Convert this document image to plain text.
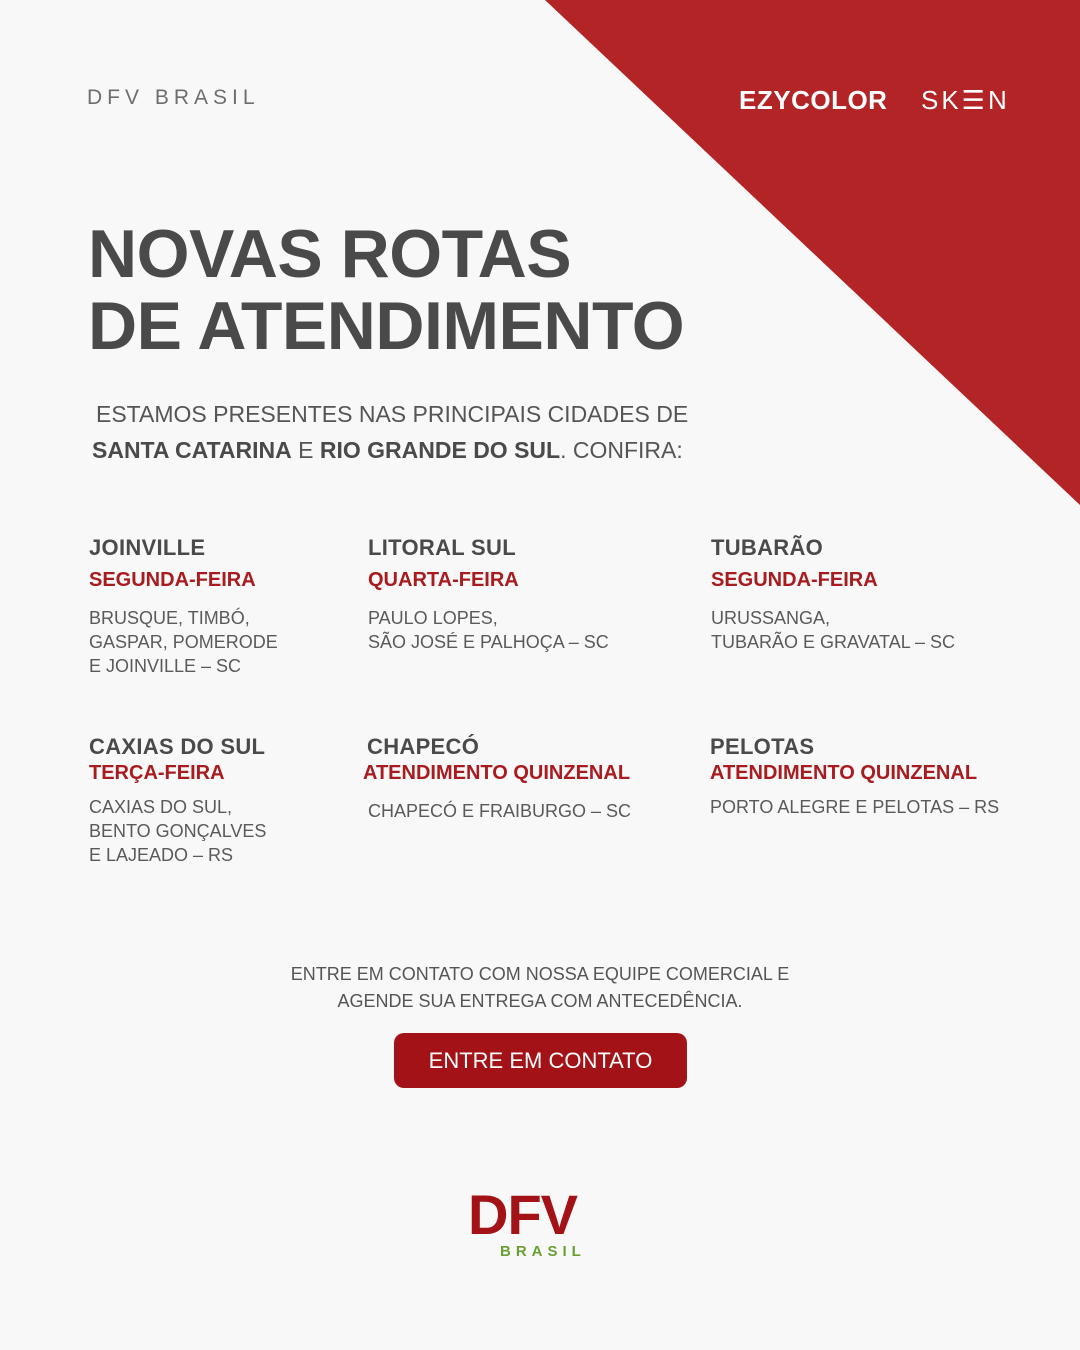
DFV BRASIL	EZYCOLOR SK☰N
NOVAS ROTAS
DE ATENDIMENTO
ESTAMOS PRESENTES NAS PRINCIPAIS CIDADES DE
SANTA CATARINA E RIO GRANDE DO SUL. CONFIRA:
JOINVILLE
SEGUNDA-FEIRA
BRUSQUE, TIMBÓ,
GASPAR, POMERODE
E JOINVILLE – SC
LITORAL SUL
QUARTA-FEIRA
PAULO LOPES,
SÃO JOSÉ E PALHOÇA – SC
TUBARÃO
SEGUNDA-FEIRA
URUSSANGA,
TUBARÃO E GRAVATAL – SC
CAXIAS DO SUL
TERÇA-FEIRA
CAXIAS DO SUL,
BENTO GONÇALVES
E LAJEADO – RS
CHAPECÓ
ATENDIMENTO QUINZENAL
CHAPECÓ E FRAIBURGO – SC
PELOTAS
ATENDIMENTO QUINZENAL
PORTO ALEGRE E PELOTAS – RS
ENTRE EM CONTATO COM NOSSA EQUIPE COMERCIAL E
AGENDE SUA ENTREGA COM ANTECEDÊNCIA.
ENTRE EM CONTATO
DFV
BRASIL
